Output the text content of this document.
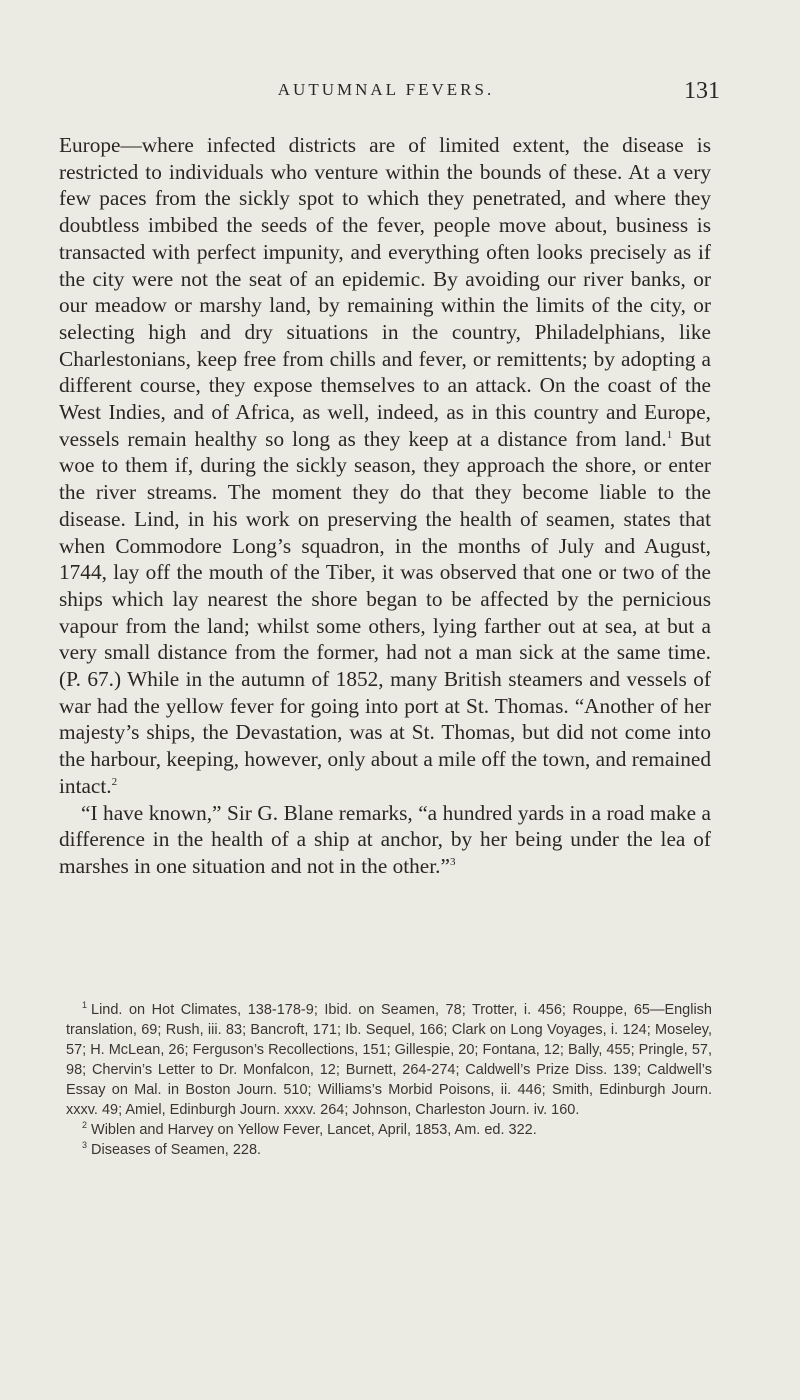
AUTUMNAL FEVERS.	131

Europe—where infected districts are of limited extent, the disease is restricted to individuals who venture within the bounds of these. At a very few paces from the sickly spot to which they penetrated, and where they doubtless imbibed the seeds of the fever, people move about, business is transacted with perfect impunity, and everything often looks precisely as if the city were not the seat of an epidemic. By avoiding our river banks, or our meadow or marshy land, by remaining within the limits of the city, or selecting high and dry situations in the country, Philadelphians, like Charlestonians, keep free from chills and fever, or remittents; by adopting a different course, they expose themselves to an attack. On the coast of the West Indies, and of Africa, as well, indeed, as in this country and Europe, vessels remain healthy so long as they keep at a distance from land.$^1$ But woe to them if, during the sickly season, they approach the shore, or enter the river streams. The moment they do that they become liable to the disease. Lind, in his work on preserving the health of seamen, states that when Commodore Long’s squadron, in the months of July and August, 1744, lay off the mouth of the Tiber, it was observed that one or two of the ships which lay nearest the shore began to be affected by the pernicious vapour from the land; whilst some others, lying farther out at sea, at but a very small distance from the former, had not a man sick at the same time. (P. 67.) While in the autumn of 1852, many British steamers and vessels of war had the yellow fever for going into port at St. Thomas. “Another of her majesty’s ships, the Devastation, was at St. Thomas, but did not come into the harbour, keeping, however, only about a mile off the town, and remained intact.$^2$

“I have known,” Sir G. Blane remarks, “a hundred yards in a road make a difference in the health of a ship at anchor, by her being under the lea of marshes in one situation and not in the other.”$^3$

$^1$ Lind. on Hot Climates, 138-178-9; Ibid. on Seamen, 78; Trotter, i. 456; Rouppe, 65—English translation, 69; Rush, iii. 83; Bancroft, 171; Ib. Sequel, 166; Clark on Long Voyages, i. 124; Moseley, 57; H. McLean, 26; Ferguson’s Recollections, 151; Gillespie, 20; Fontana, 12; Bally, 455; Pringle, 57, 98; Chervin’s Letter to Dr. Monfalcon, 12; Burnett, 264-274; Caldwell’s Prize Diss. 139; Caldwell’s Essay on Mal. in Boston Journ. 510; Williams’s Morbid Poisons, ii. 446; Smith, Edinburgh Journ. xxxv. 49; Amiel, Edinburgh Journ. xxxv. 264; Johnson, Charleston Journ. iv. 160.

$^2$ Wiblen and Harvey on Yellow Fever, Lancet, April, 1853, Am. ed. 322.

$^3$ Diseases of Seamen, 228.
